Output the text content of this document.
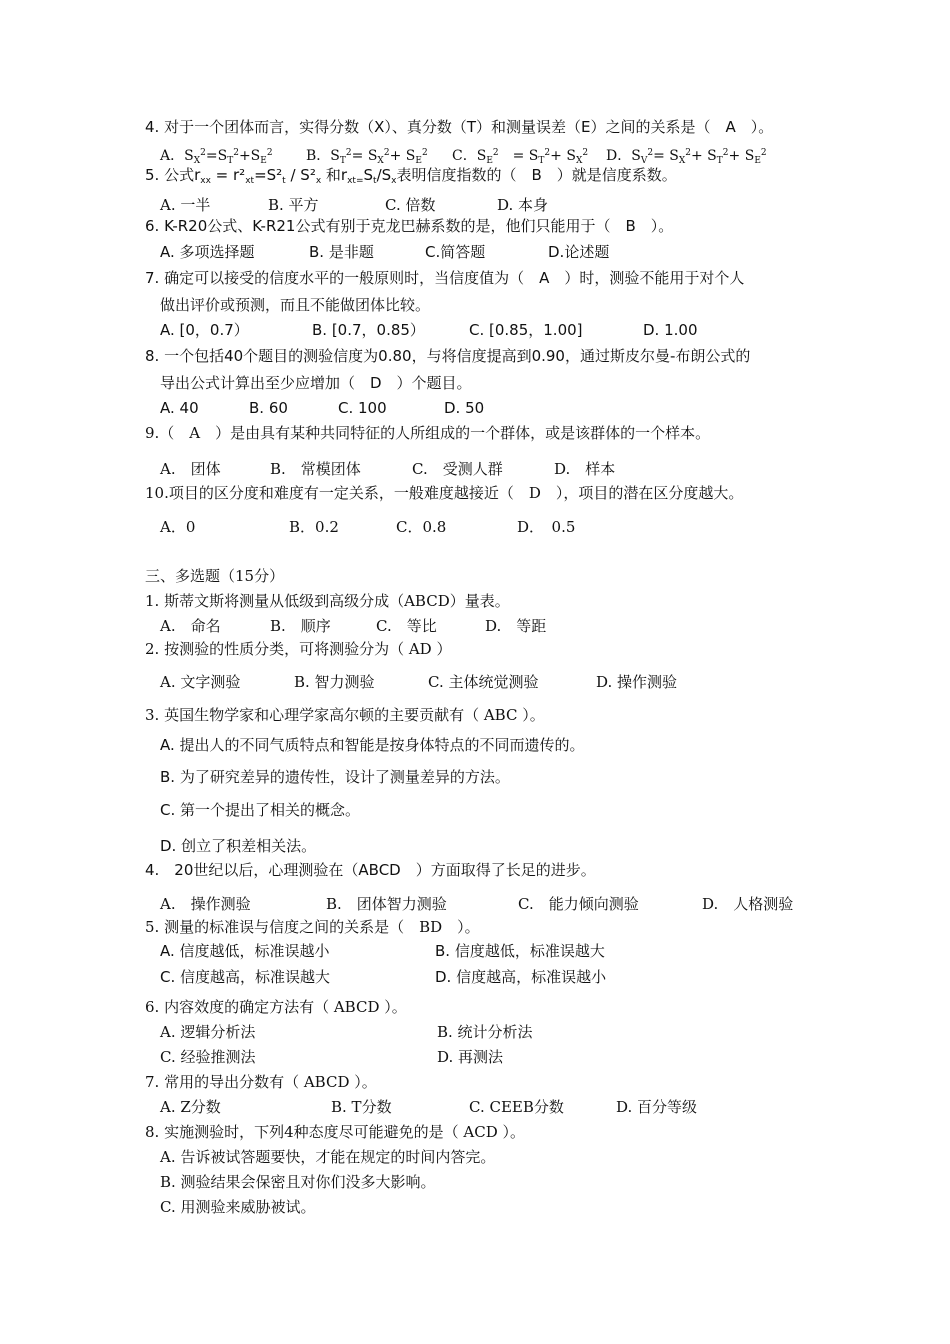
4. 对于一个团体而言，实得分数（X）、真分数（T）和测量误差（E）之间的关系是（　A　）。
A．$S_X^2=S_T^2+S_E^2$ B．$S_T^2= S_X^2+ S_E^2$ C．$S_E^2$　= $S_T^2+ S_X^2$ D．$S_V^2= S_X^2+ S_T^2+ S_E^2$
5. 公式$r_{xx} = r^2_{xt}=S^2_t / S^2_x$ 和$r_{xt=}S_t/S_x$表明信度指数的（　B　）就是信度系数。
A. 一半	B. 平方	C. 倍数	D. 本身
6. K-R20公式、K-R21公式有别于克龙巴赫系数的是，他们只能用于（　B　）。
A. 多项选择题	B. 是非题	C.简答题	D.论述题
7. 确定可以接受的信度水平的一般原则时，当信度值为（　A　）时，测验不能用于对个人
做出评价或预测，而且不能做团体比较。
A. [0，0.7）	B. [0.7，0.85）	C. [0.85，1.00]	D. 1.00
8. 一个包括40个题目的测验信度为0.80，与将信度提高到0.90，通过斯皮尔曼-布朗公式的
导出公式计算出至少应增加（　D　）个题目。
A. 40	B. 60	C. 100	D. 50
9.（　A　）是由具有某种共同特征的人所组成的一个群体，或是该群体的一个样本。
A.　团体	B.　常模团体	C.　受测人群	D.　样本
10.项目的区分度和难度有一定关系，一般难度越接近（　D　），项目的潜在区分度越大。
A．0	B．0.2	C．0.8	D．　0.5
三、多选题（15分）
1. 斯蒂文斯将测量从低级到高级分成（ABCD）量表。
A.　命名	B.　顺序	C.　等比	D.　等距
2. 按测验的性质分类，可将测验分为（ AD ）
A. 文字测验	B. 智力测验	C. 主体统觉测验	D. 操作测验
3. 英国生物学家和心理学家高尔顿的主要贡献有（ ABC ）。
A. 提出人的不同气质特点和智能是按身体特点的不同而遗传的。
B. 为了研究差异的遗传性，设计了测量差异的方法。
C. 第一个提出了相关的概念。
D. 创立了积差相关法。
4.　20世纪以后，心理测验在（ABCD　）方面取得了长足的进步。
A.　操作测验	B.　团体智力测验	C.　能力倾向测验	D.　人格测验
5. 测量的标准误与信度之间的关系是（　BD　）。
A. 信度越低，标准误越小	B. 信度越低，标准误越大
C. 信度越高，标准误越大	D. 信度越高，标准误越小
6. 内容效度的确定方法有（ ABCD ）。
A. 逻辑分析法	B. 统计分析法
C. 经验推测法	D. 再测法
7. 常用的导出分数有（ ABCD ）。
A. Z分数	B. T分数	C. CEEB分数	D. 百分等级
8. 实施测验时，下列4种态度尽可能避免的是（ ACD ）。
A. 告诉被试答题要快，才能在规定的时间内答完。
B. 测验结果会保密且对你们没多大影响。
C. 用测验来威胁被试。
